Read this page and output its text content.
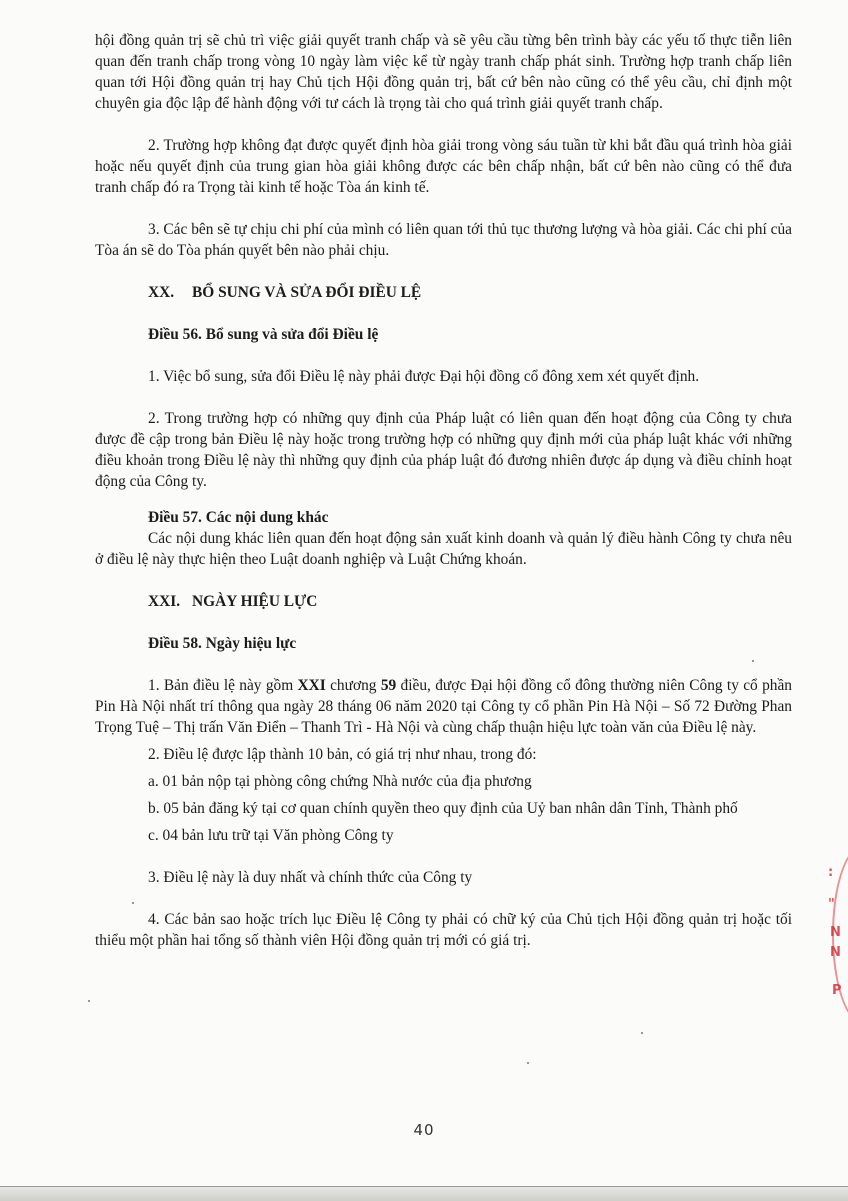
hội đồng quản trị sẽ chủ trì việc giải quyết tranh chấp và sẽ yêu cầu từng bên trình bày các yếu tố thực tiễn liên quan đến tranh chấp trong vòng 10 ngày làm việc kể từ ngày tranh chấp phát sinh. Trường hợp tranh chấp liên quan tới Hội đồng quản trị hay Chủ tịch Hội đồng quản trị, bất cứ bên nào cũng có thể yêu cầu, chỉ định một chuyên gia độc lập để hành động với tư cách là trọng tài cho quá trình giải quyết tranh chấp.

2. Trường hợp không đạt được quyết định hòa giải trong vòng sáu tuần từ khi bắt đầu quá trình hòa giải hoặc nếu quyết định của trung gian hòa giải không được các bên chấp nhận, bất cứ bên nào cũng có thể đưa tranh chấp đó ra Trọng tài kinh tế hoặc Tòa án kinh tế.

3. Các bên sẽ tự chịu chi phí của mình có liên quan tới thủ tục thương lượng và hòa giải. Các chi phí của Tòa án sẽ do Tòa phán quyết bên nào phải chịu.

XX. BỔ SUNG VÀ SỬA ĐỔI ĐIỀU LỆ

Điều 56. Bổ sung và sửa đổi Điều lệ

1. Việc bổ sung, sửa đổi Điều lệ này phải được Đại hội đồng cổ đông xem xét quyết định.

2. Trong trường hợp có những quy định của Pháp luật có liên quan đến hoạt động của Công ty chưa được đề cập trong bản Điều lệ này hoặc trong trường hợp có những quy định mới của pháp luật khác với những điều khoản trong Điều lệ này thì những quy định của pháp luật đó đương nhiên được áp dụng và điều chỉnh hoạt động của Công ty.

Điều 57. Các nội dung khác

Các nội dung khác liên quan đến hoạt động sản xuất kinh doanh và quản lý điều hành Công ty chưa nêu ở điều lệ này thực hiện theo Luật doanh nghiệp và Luật Chứng khoán.

XXI. NGÀY HIỆU LỰC

Điều 58. Ngày hiệu lực

1. Bản điều lệ này gồm XXI chương 59 điều, được Đại hội đồng cổ đông thường niên Công ty cổ phần Pin Hà Nội nhất trí thông qua ngày 28 tháng 06 năm 2020 tại Công ty cổ phần Pin Hà Nội – Số 72 Đường Phan Trọng Tuệ – Thị trấn Văn Điển – Thanh Trì - Hà Nội và cùng chấp thuận hiệu lực toàn văn của Điều lệ này.

2. Điều lệ được lập thành 10 bản, có giá trị như nhau, trong đó:

a. 01 bản nộp tại phòng công chứng Nhà nước của địa phương

b. 05 bản đăng ký tại cơ quan chính quyền theo quy định của Uỷ ban nhân dân Tỉnh, Thành phố

c. 04 bản lưu trữ tại Văn phòng Công ty

3. Điều lệ này là duy nhất và chính thức của Công ty

4. Các bản sao hoặc trích lục Điều lệ Công ty phải có chữ ký của Chủ tịch Hội đồng quản trị hoặc tối thiểu một phần hai tổng số thành viên Hội đồng quản trị mới có giá trị.

40
:
"
N
N
P
